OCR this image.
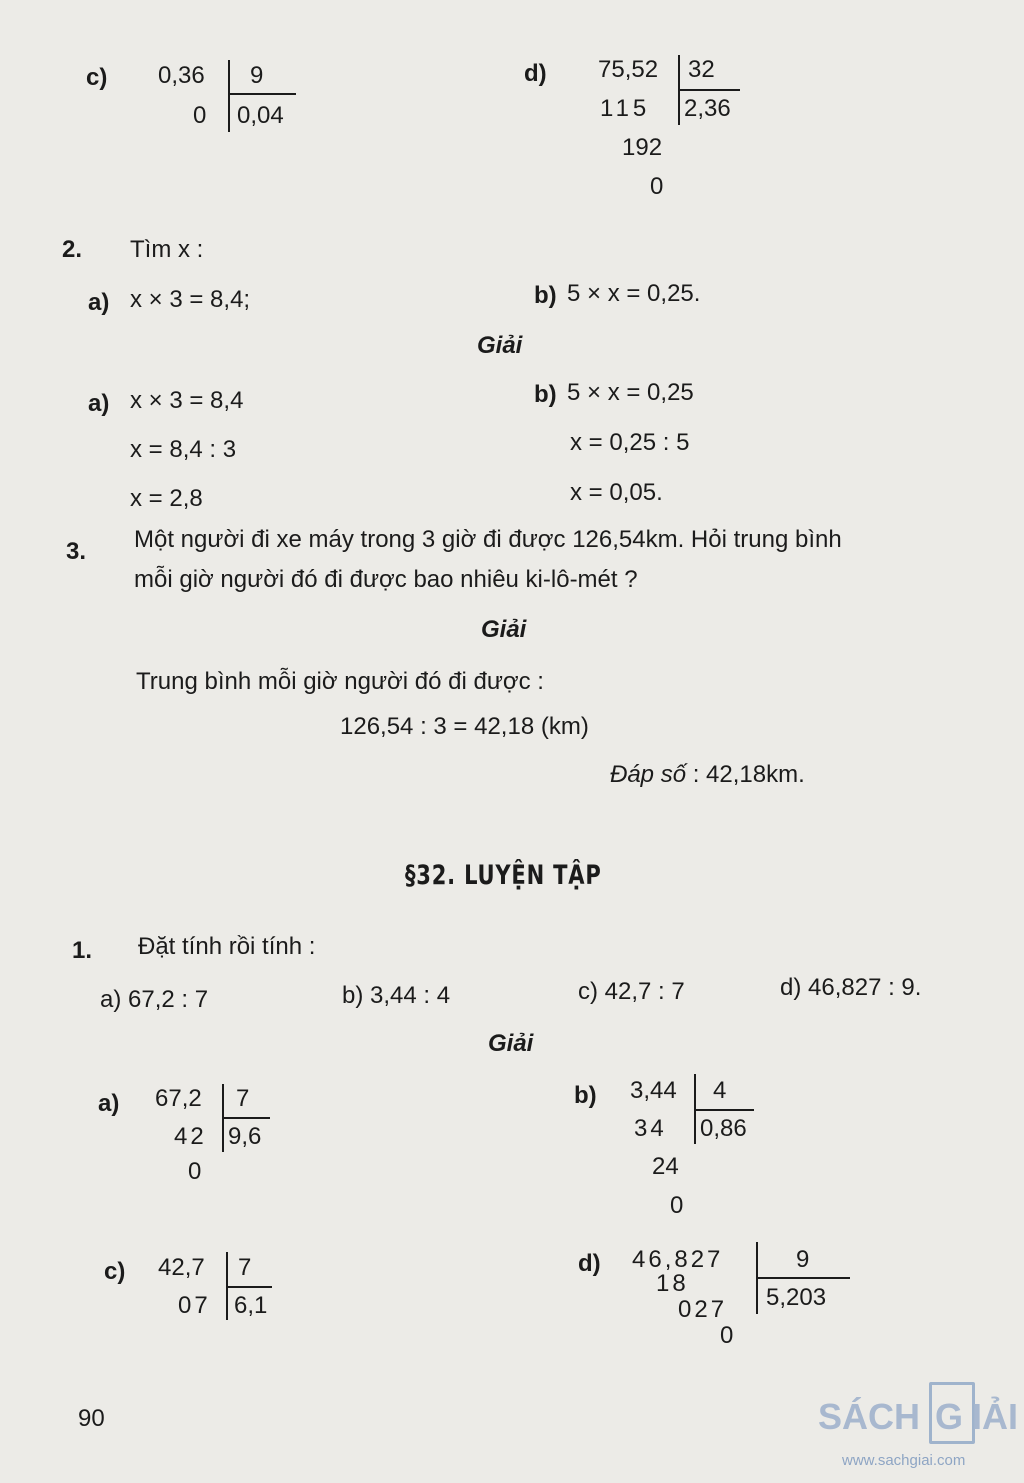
c) 0,36 9
0 0,04
d) 75,52 32
115 2,36
192
0
2. Tìm x :
a) x × 3 = 8,4;	b) 5 × x = 0,25.
Giải
a) x × 3 = 8,4
x = 8,4 : 3
x = 2,8
b) 5 × x = 0,25
x = 0,25 : 5
x = 0,05.
3. Một người đi xe máy trong 3 giờ đi được 126,54km. Hỏi trung bình
mỗi giờ người đó đi được bao nhiêu ki-lô-mét ?
Giải
Trung bình mỗi giờ người đó đi được :
126,54 : 3 = 42,18 (km)
Đáp số : 42,18km.
§32. LUYỆN TẬP
1. Đặt tính rồi tính :
a) 67,2 : 7	b) 3,44 : 4	c) 42,7 : 7	d) 46,827 : 9.
Giải
a) 67,2 7
42 9,6
0
b) 3,44 4
34 0,86
24
0
c) 42,7 7
07 6,1
d) 46,827	9
18
5,203
027
0
90	SÁCH G IẢI
www.sachgiai.com
